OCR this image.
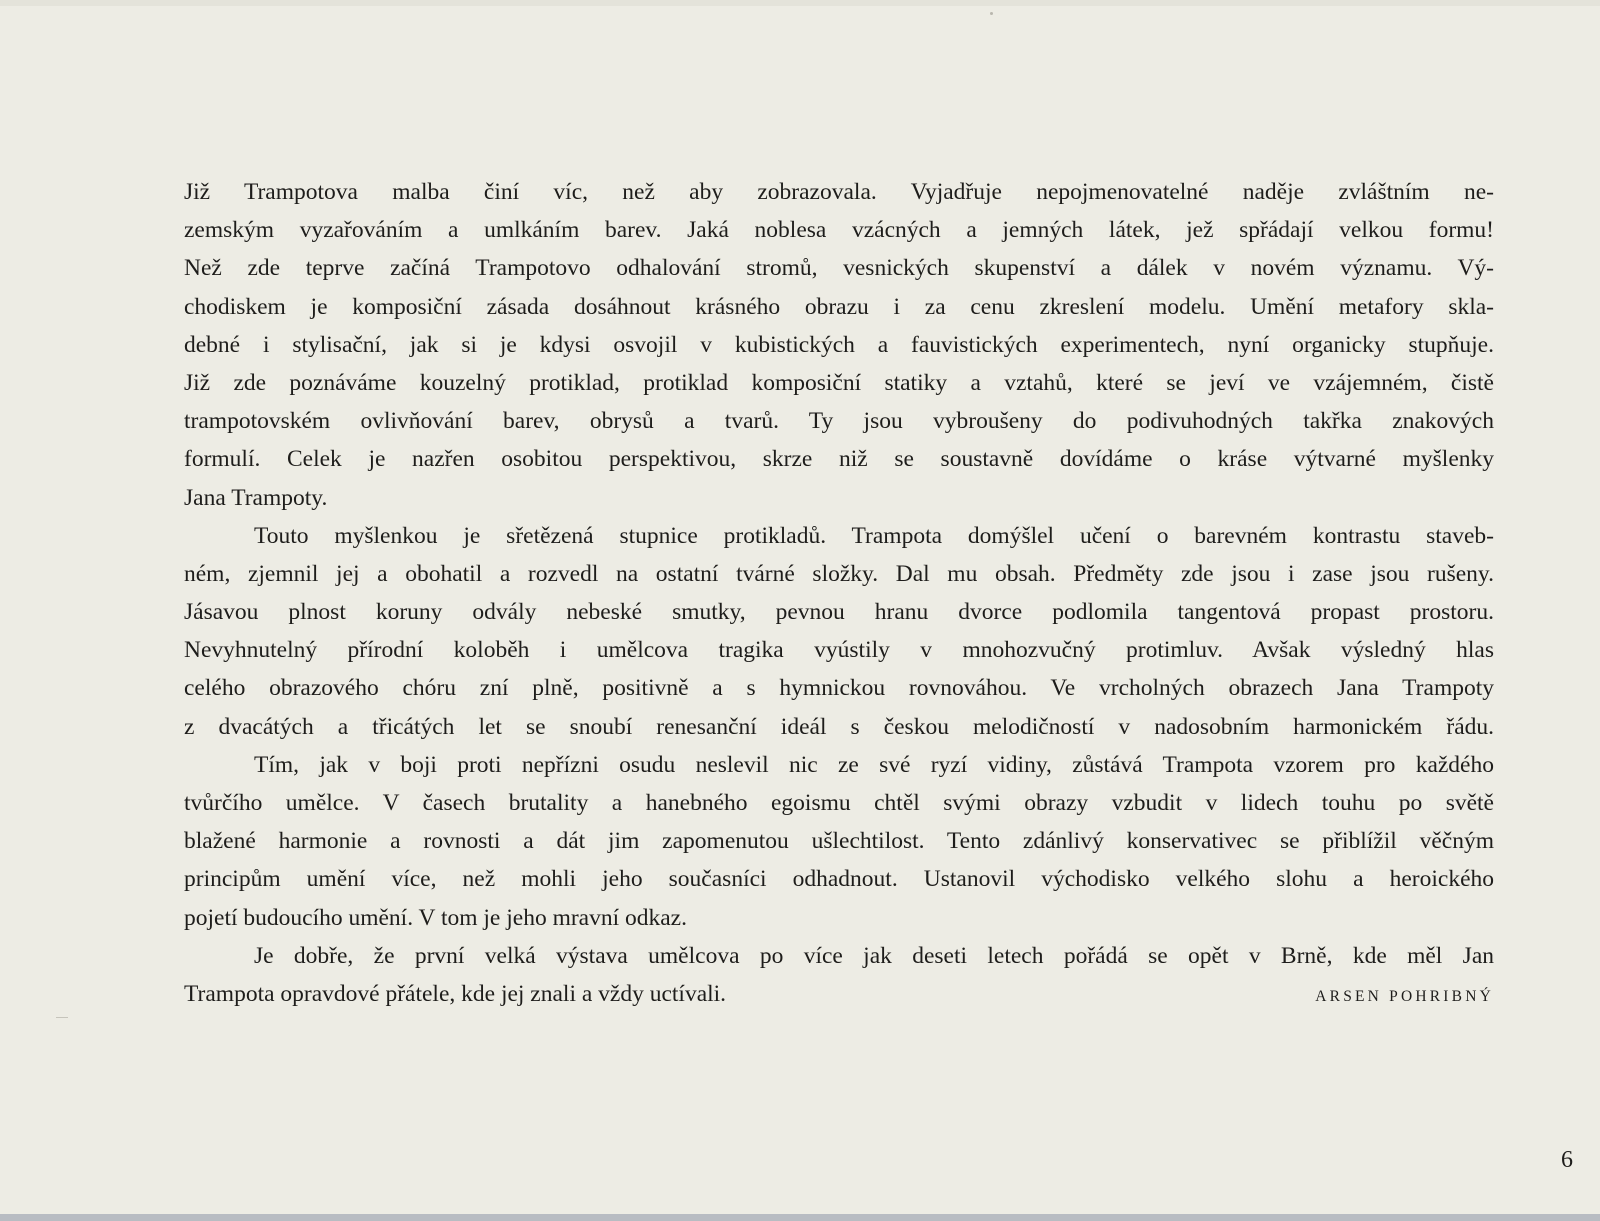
Již Trampotova malba činí víc, než aby zobrazovala. Vyjadřuje nepojmenovatelné naděje zvláštním ne-
zemským vyzařováním a umlkáním barev. Jaká noblesa vzácných a jemných látek, jež spřádají velkou formu!
Než zde teprve začíná Trampotovo odhalování stromů, vesnických skupenství a dálek v novém významu. Vý-
chodiskem je komposiční zásada dosáhnout krásného obrazu i za cenu zkreslení modelu. Umění metafory skla-
debné i stylisační, jak si je kdysi osvojil v kubistických a fauvistických experimentech, nyní organicky stupňuje.
Již zde poznáváme kouzelný protiklad, protiklad komposiční statiky a vztahů, které se jeví ve vzájemném, čistě
trampotovském ovlivňování barev, obrysů a tvarů. Ty jsou vybroušeny do podivuhodných takřka znakových
formulí. Celek je nazřen osobitou perspektivou, skrze niž se soustavně dovídáme o kráse výtvarné myšlenky
Jana Trampoty.
Touto myšlenkou je sřetězená stupnice protikladů. Trampota domýšlel učení o barevném kontrastu staveb-
ném, zjemnil jej a obohatil a rozvedl na ostatní tvárné složky. Dal mu obsah. Předměty zde jsou i zase jsou rušeny.
Jásavou plnost koruny odvály nebeské smutky, pevnou hranu dvorce podlomila tangentová propast prostoru.
Nevyhnutelný přírodní koloběh i umělcova tragika vyústily v mnohozvučný protimluv. Avšak výsledný hlas
celého obrazového chóru zní plně, positivně a s hymnickou rovnováhou. Ve vrcholných obrazech Jana Trampoty
z dvacátých a třicátých let se snoubí renesanční ideál s českou melodičností v nadosobním harmonickém řádu.
Tím, jak v boji proti nepřízni osudu neslevil nic ze své ryzí vidiny, zůstává Trampota vzorem pro každého
tvůrčího umělce. V časech brutality a hanebného egoismu chtěl svými obrazy vzbudit v lidech touhu po světě
blažené harmonie a rovnosti a dát jim zapomenutou ušlechtilost. Tento zdánlivý konservativec se přiblížil věčným
principům umění více, než mohli jeho současníci odhadnout. Ustanovil východisko velkého slohu a heroického
pojetí budoucího umění. V tom je jeho mravní odkaz.
Je dobře, že první velká výstava umělcova po více jak deseti letech pořádá se opět v Brně, kde měl Jan
Trampota opravdové přátele, kde jej znali a vždy uctívali.	ARSEN POHRIBNÝ
6
